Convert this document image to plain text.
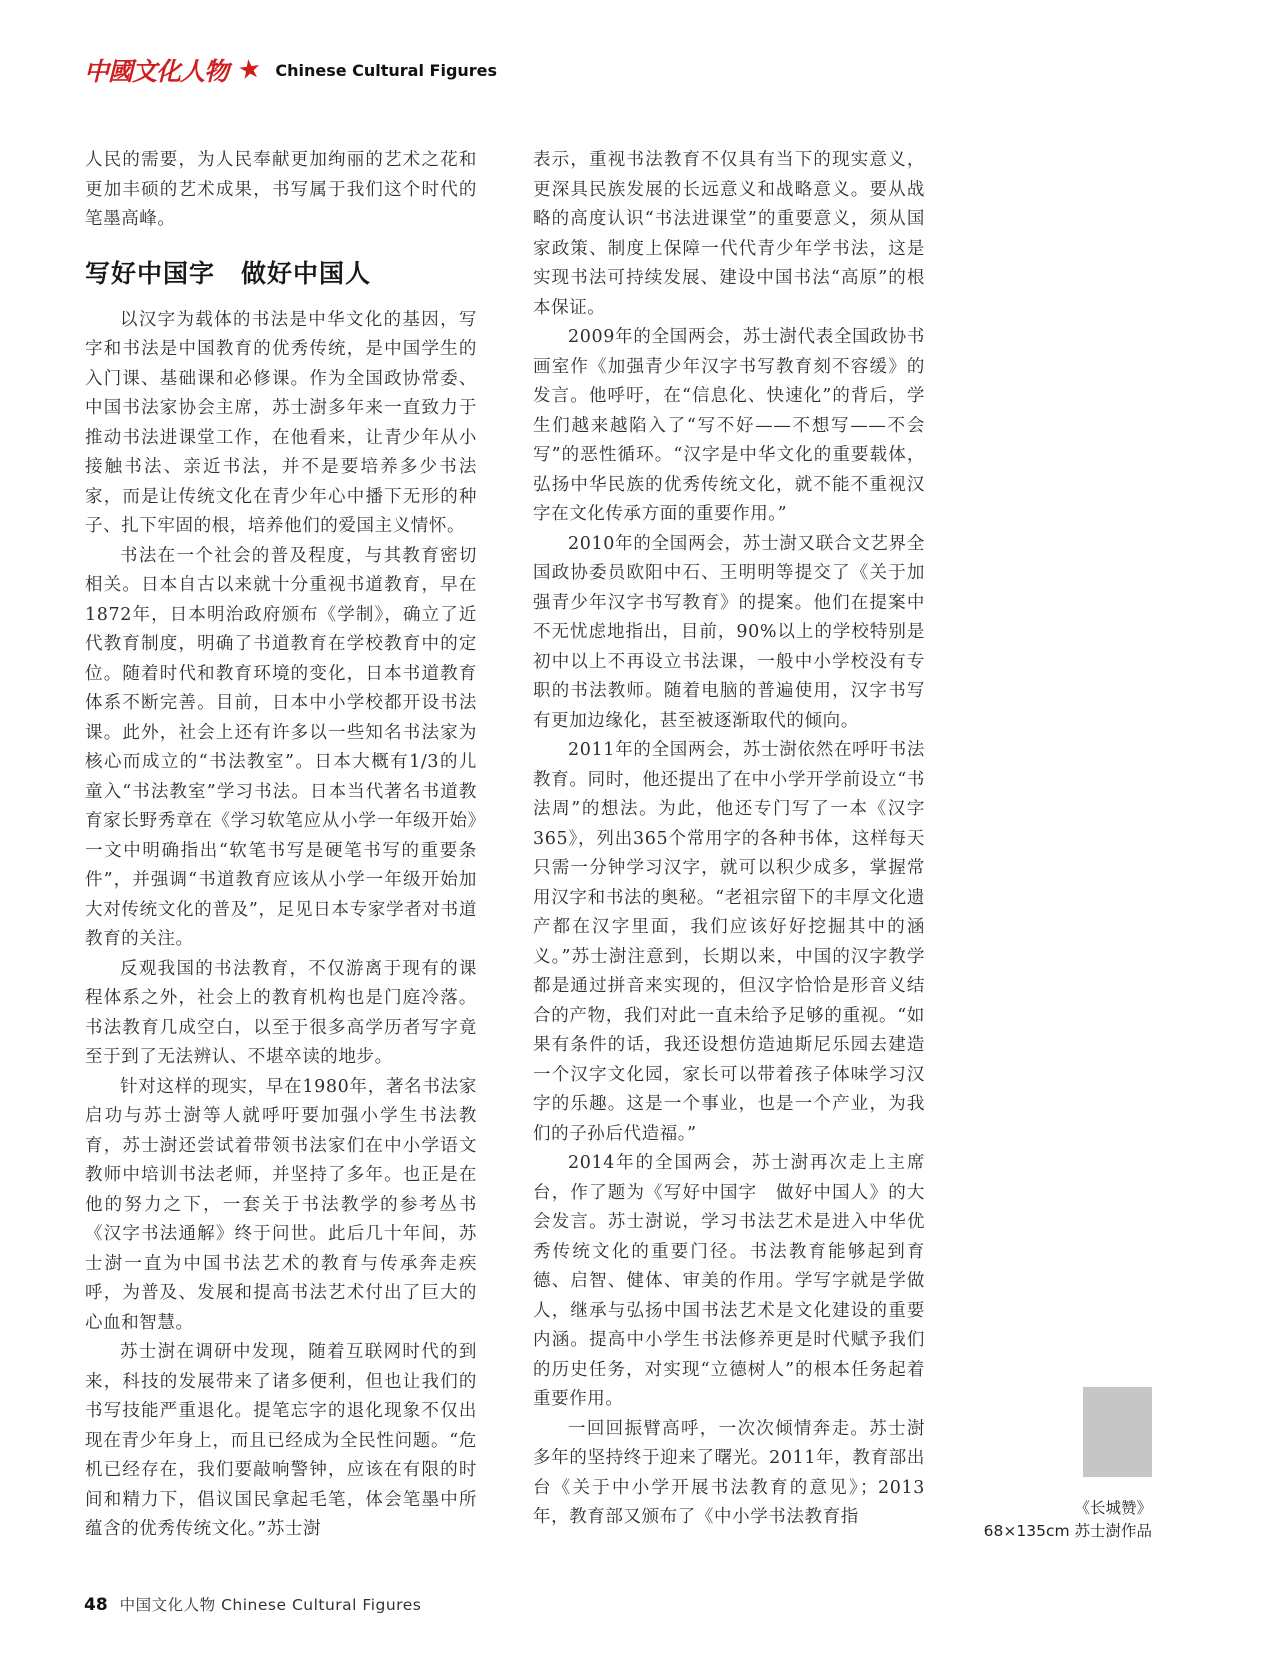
中國文化人物 ★ Chinese Cultural Figures

人民的需要，为人民奉献更加绚丽的艺术之花和更加丰硕的艺术成果，书写属于我们这个时代的笔墨高峰。

写好中国字　做好中国人

以汉字为载体的书法是中华文化的基因，写字和书法是中国教育的优秀传统，是中国学生的入门课、基础课和必修课。作为全国政协常委、中国书法家协会主席，苏士澍多年来一直致力于推动书法进课堂工作，在他看来，让青少年从小接触书法、亲近书法，并不是要培养多少书法家，而是让传统文化在青少年心中播下无形的种子、扎下牢固的根，培养他们的爱国主义情怀。

书法在一个社会的普及程度，与其教育密切相关。日本自古以来就十分重视书道教育，早在1872年，日本明治政府颁布《学制》，确立了近代教育制度，明确了书道教育在学校教育中的定位。随着时代和教育环境的变化，日本书道教育体系不断完善。目前，日本中小学校都开设书法课。此外，社会上还有许多以一些知名书法家为核心而成立的“书法教室”。日本大概有1/3的儿童入“书法教室”学习书法。日本当代著名书道教育家长野秀章在《学习软笔应从小学一年级开始》一文中明确指出“软笔书写是硬笔书写的重要条件”，并强调“书道教育应该从小学一年级开始加大对传统文化的普及”，足见日本专家学者对书道教育的关注。

反观我国的书法教育，不仅游离于现有的课程体系之外，社会上的教育机构也是门庭冷落。书法教育几成空白，以至于很多高学历者写字竟至于到了无法辨认、不堪卒读的地步。

针对这样的现实，早在1980年，著名书法家启功与苏士澍等人就呼吁要加强小学生书法教育，苏士澍还尝试着带领书法家们在中小学语文教师中培训书法老师，并坚持了多年。也正是在他的努力之下，一套关于书法教学的参考丛书《汉字书法通解》终于问世。此后几十年间，苏士澍一直为中国书法艺术的教育与传承奔走疾呼，为普及、发展和提高书法艺术付出了巨大的心血和智慧。

苏士澍在调研中发现，随着互联网时代的到来，科技的发展带来了诸多便利，但也让我们的书写技能严重退化。提笔忘字的退化现象不仅出现在青少年身上，而且已经成为全民性问题。“危机已经存在，我们要敲响警钟，应该在有限的时间和精力下，倡议国民拿起毛笔，体会笔墨中所蕴含的优秀传统文化。”苏士澍

表示，重视书法教育不仅具有当下的现实意义，更深具民族发展的长远意义和战略意义。要从战略的高度认识“书法进课堂”的重要意义，须从国家政策、制度上保障一代代青少年学书法，这是实现书法可持续发展、建设中国书法“高原”的根本保证。

2009年的全国两会，苏士澍代表全国政协书画室作《加强青少年汉字书写教育刻不容缓》的发言。他呼吁，在“信息化、快速化”的背后，学生们越来越陷入了“写不好——不想写——不会写”的恶性循环。“汉字是中华文化的重要载体，弘扬中华民族的优秀传统文化，就不能不重视汉字在文化传承方面的重要作用。”

2010年的全国两会，苏士澍又联合文艺界全国政协委员欧阳中石、王明明等提交了《关于加强青少年汉字书写教育》的提案。他们在提案中不无忧虑地指出，目前，90%以上的学校特别是初中以上不再设立书法课，一般中小学校没有专职的书法教师。随着电脑的普遍使用，汉字书写有更加边缘化，甚至被逐渐取代的倾向。

2011年的全国两会，苏士澍依然在呼吁书法教育。同时，他还提出了在中小学开学前设立“书法周”的想法。为此，他还专门写了一本《汉字365》，列出365个常用字的各种书体，这样每天只需一分钟学习汉字，就可以积少成多，掌握常用汉字和书法的奥秘。“老祖宗留下的丰厚文化遗产都在汉字里面，我们应该好好挖掘其中的涵义。”苏士澍注意到，长期以来，中国的汉字教学都是通过拼音来实现的，但汉字恰恰是形音义结合的产物，我们对此一直未给予足够的重视。“如果有条件的话，我还设想仿造迪斯尼乐园去建造一个汉字文化园，家长可以带着孩子体味学习汉字的乐趣。这是一个事业，也是一个产业，为我们的子孙后代造福。”

2014年的全国两会，苏士澍再次走上主席台，作了题为《写好中国字　做好中国人》的大会发言。苏士澍说，学习书法艺术是进入中华优秀传统文化的重要门径。书法教育能够起到育德、启智、健体、审美的作用。学写字就是学做人，继承与弘扬中国书法艺术是文化建设的重要内涵。提高中小学生书法修养更是时代赋予我们的历史任务，对实现“立德树人”的根本任务起着重要作用。

一回回振臂高呼，一次次倾情奔走。苏士澍多年的坚持终于迎来了曙光。2011年，教育部出台《关于中小学开展书法教育的意见》；2013年，教育部又颁布了《中小学书法教育指	《长城赞》
68×135cm 苏士澍作品
48 中国文化人物 Chinese Cultural Figures
